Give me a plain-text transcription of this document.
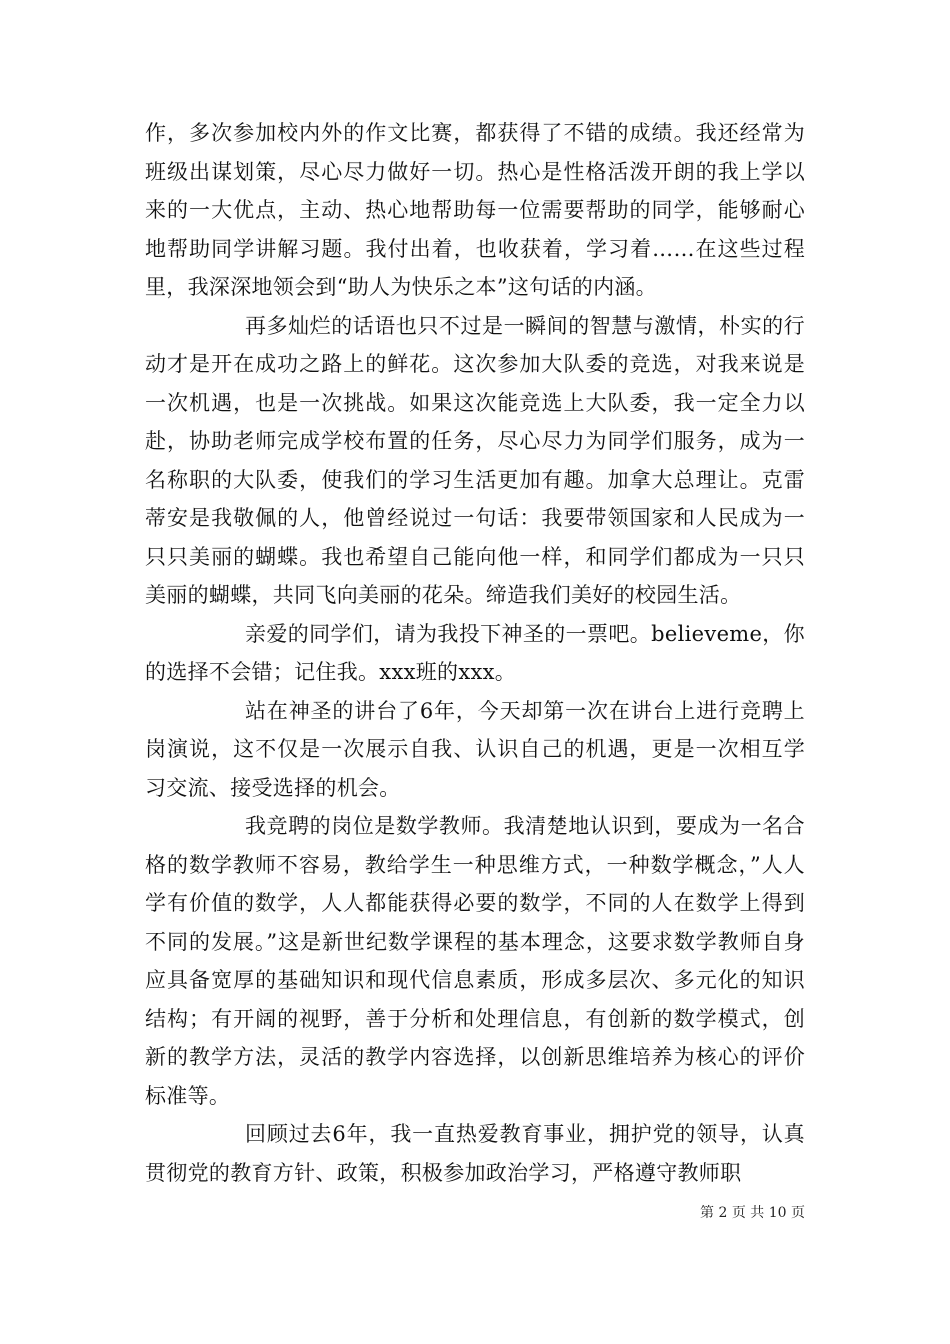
作，多次参加校内外的作文比赛，都获得了不错的成绩。我还经常为班级出谋划策，尽心尽力做好一切。热心是性格活泼开朗的我上学以来的一大优点，主动、热心地帮助每一位需要帮助的同学，能够耐心地帮助同学讲解习题。我付出着，也收获着，学习着……在这些过程里，我深深地领会到“助人为快乐之本”这句话的内涵。

再多灿烂的话语也只不过是一瞬间的智慧与激情，朴实的行动才是开在成功之路上的鲜花。这次参加大队委的竞选，对我来说是一次机遇，也是一次挑战。如果这次能竞选上大队委，我一定全力以赴，协助老师完成学校布置的任务，尽心尽力为同学们服务，成为一名称职的大队委，使我们的学习生活更加有趣。加拿大总理让。克雷蒂安是我敬佩的人，他曾经说过一句话：我要带领国家和人民成为一只只美丽的蝴蝶。我也希望自己能向他一样，和同学们都成为一只只美丽的蝴蝶，共同飞向美丽的花朵。缔造我们美好的校园生活。

亲爱的同学们，请为我投下神圣的一票吧。believeme，你的选择不会错；记住我。xxx班的xxx。

站在神圣的讲台了6年，今天却第一次在讲台上进行竞聘上岗演说，这不仅是一次展示自我、认识自己的机遇，更是一次相互学习交流、接受选择的机会。

我竞聘的岗位是数学教师。我清楚地认识到，要成为一名合格的数学教师不容易，教给学生一种思维方式，一种数学概念，”人人学有价值的数学，人人都能获得必要的数学，不同的人在数学上得到不同的发展。”这是新世纪数学课程的基本理念，这要求数学教师自身应具备宽厚的基础知识和现代信息素质，形成多层次、多元化的知识结构；有开阔的视野，善于分析和处理信息，有创新的数学模式，创新的教学方法，灵活的教学内容选择，以创新思维培养为核心的评价标准等。

回顾过去6年，我一直热爱教育事业，拥护党的领导，认真贯彻党的教育方针、政策，积极参加政治学习，严格遵守教师职

第 2 页 共 10 页
